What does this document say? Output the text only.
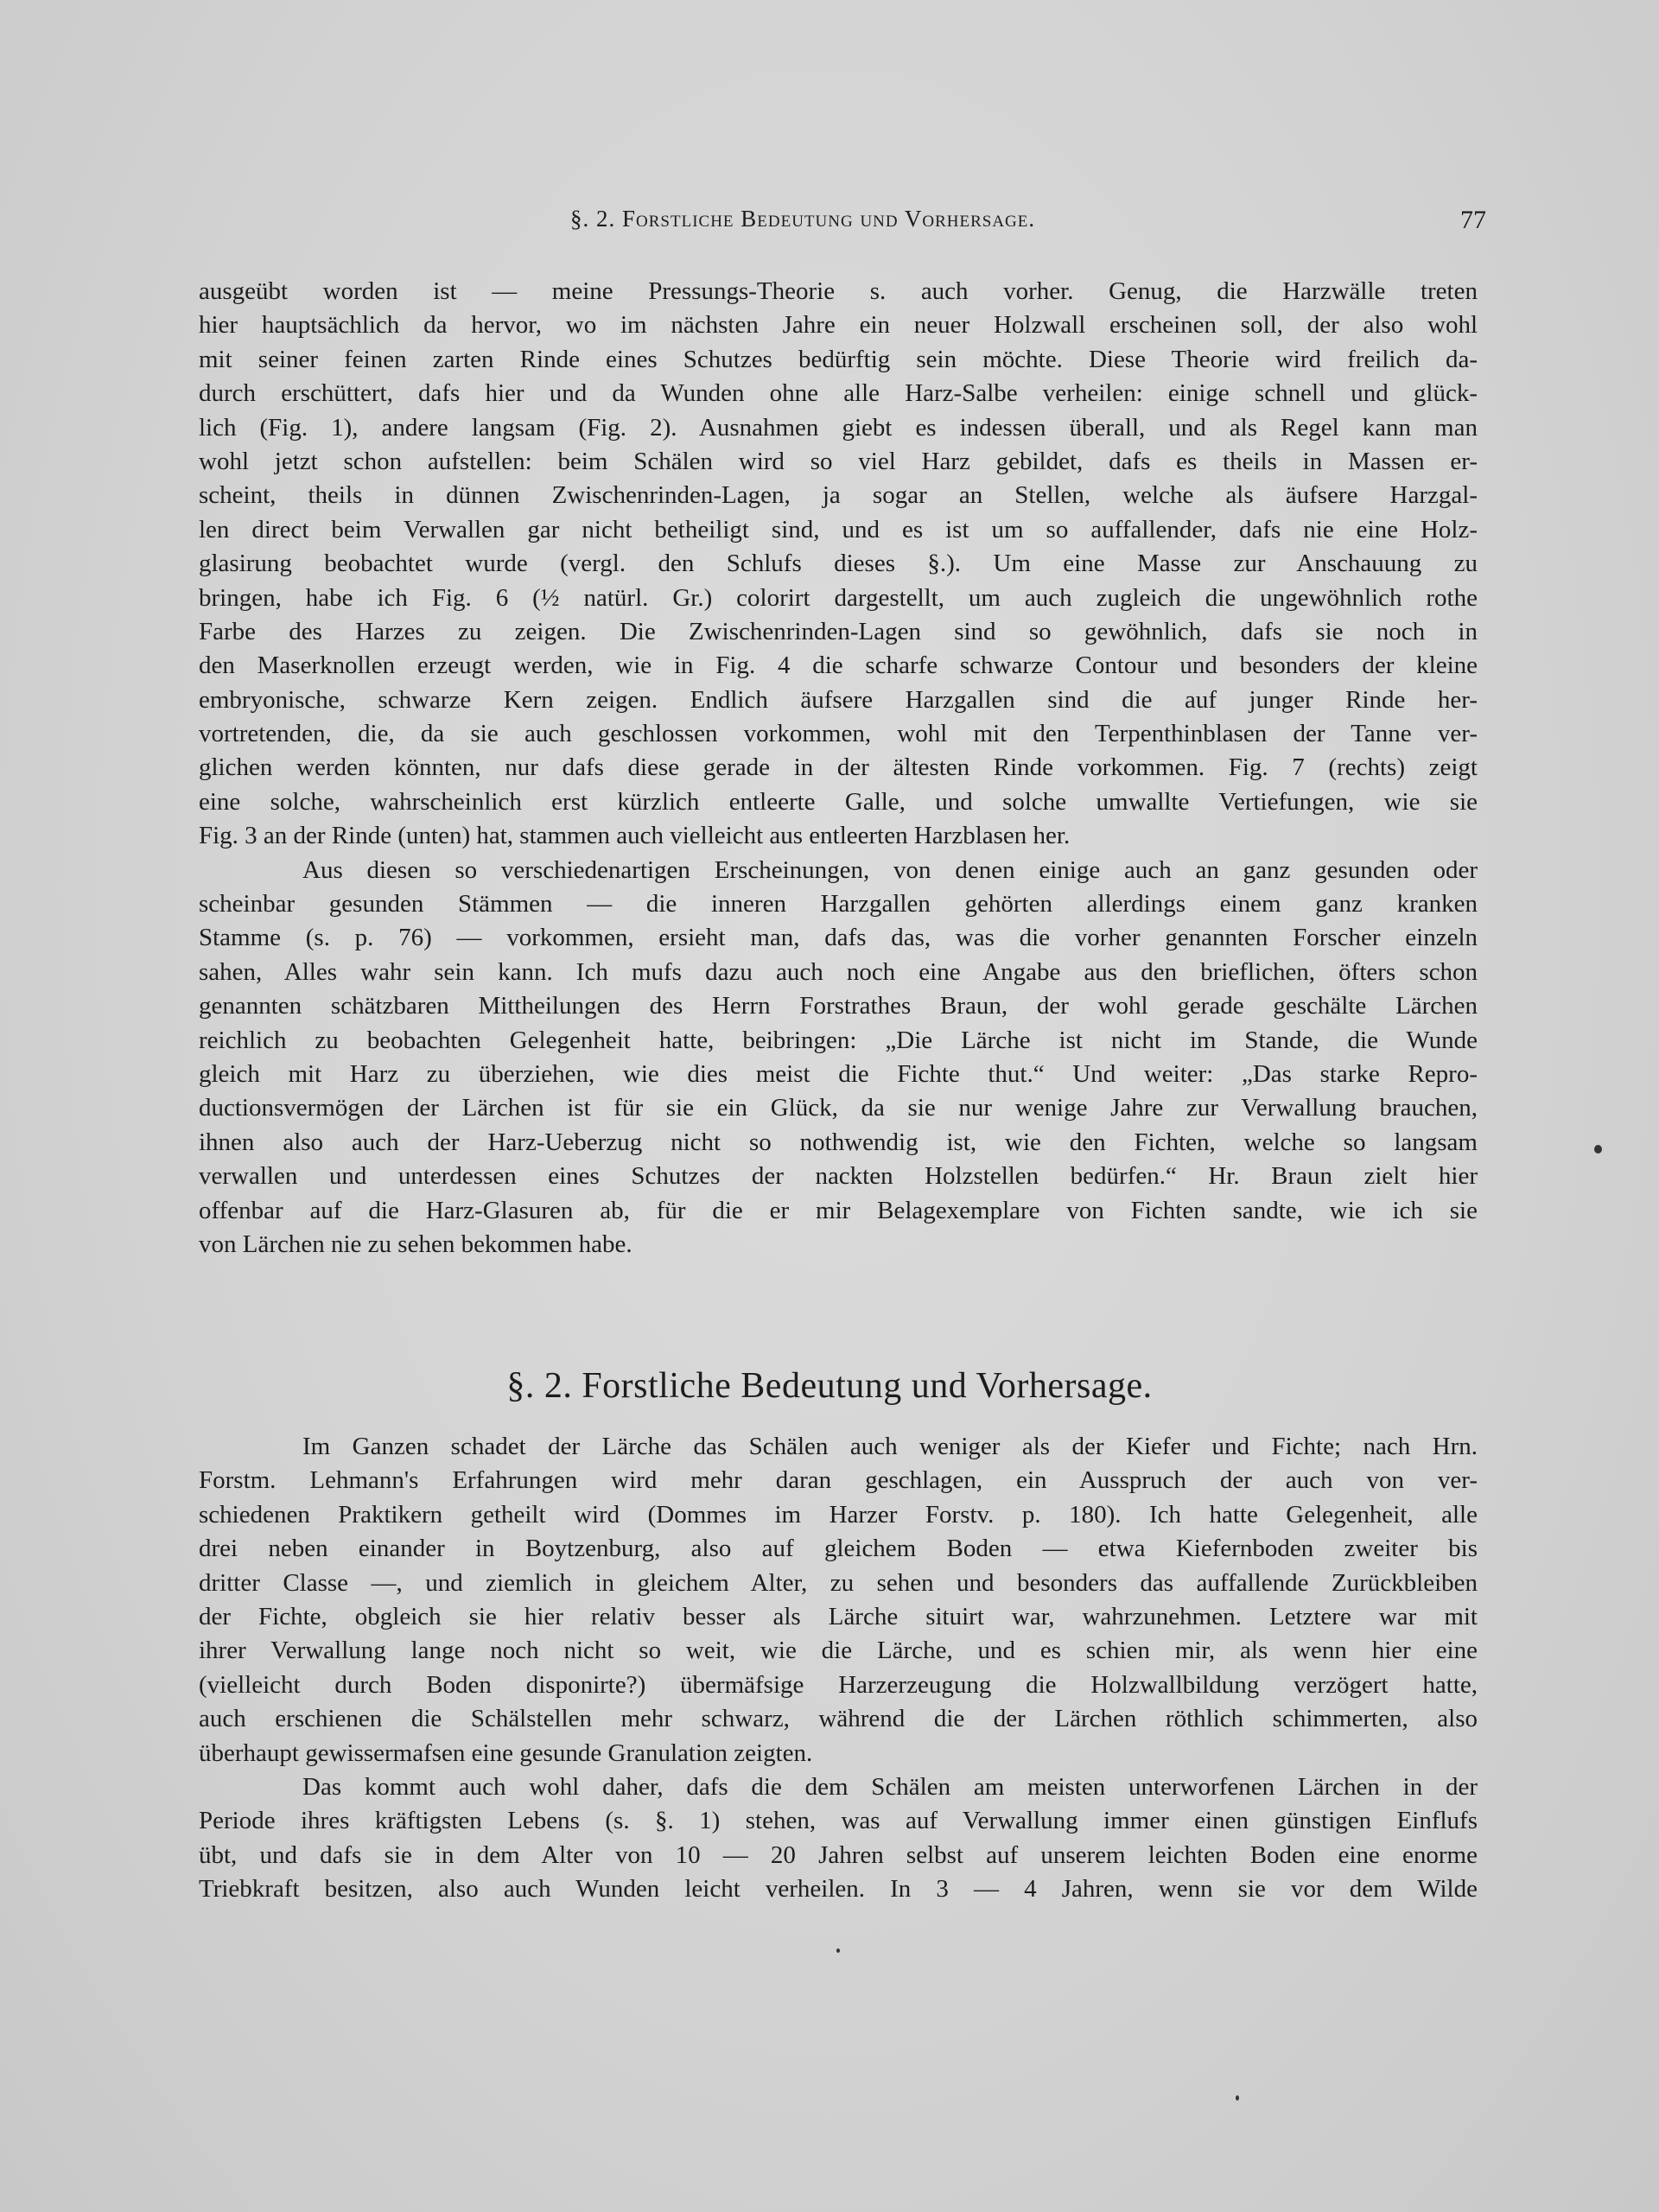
§. 2. Forstliche Bedeutung und Vorhersage.	77
ausgeübt worden ist — meine Pressungs-Theorie s. auch vorher. Genug, die Harzwälle treten
hier hauptsächlich da hervor, wo im nächsten Jahre ein neuer Holzwall erscheinen soll, der also wohl
mit seiner feinen zarten Rinde eines Schutzes bedürftig sein möchte. Diese Theorie wird freilich da-
durch erschüttert, dafs hier und da Wunden ohne alle Harz-Salbe verheilen: einige schnell und glück-
lich (Fig. 1), andere langsam (Fig. 2). Ausnahmen giebt es indessen überall, und als Regel kann man
wohl jetzt schon aufstellen: beim Schälen wird so viel Harz gebildet, dafs es theils in Massen er-
scheint, theils in dünnen Zwischenrinden-Lagen, ja sogar an Stellen, welche als äufsere Harzgal-
len direct beim Verwallen gar nicht betheiligt sind, und es ist um so auffallender, dafs nie eine Holz-
glasirung beobachtet wurde (vergl. den Schlufs dieses §.). Um eine Masse zur Anschauung zu
bringen, habe ich Fig. 6 (½ natürl. Gr.) colorirt dargestellt, um auch zugleich die ungewöhnlich rothe
Farbe des Harzes zu zeigen. Die Zwischenrinden-Lagen sind so gewöhnlich, dafs sie noch in
den Maserknollen erzeugt werden, wie in Fig. 4 die scharfe schwarze Contour und besonders der kleine
embryonische, schwarze Kern zeigen. Endlich äufsere Harzgallen sind die auf junger Rinde her-
vortretenden, die, da sie auch geschlossen vorkommen, wohl mit den Terpenthinblasen der Tanne ver-
glichen werden könnten, nur dafs diese gerade in der ältesten Rinde vorkommen. Fig. 7 (rechts) zeigt
eine solche, wahrscheinlich erst kürzlich entleerte Galle, und solche umwallte Vertiefungen, wie sie
Fig. 3 an der Rinde (unten) hat, stammen auch vielleicht aus entleerten Harzblasen her.
Aus diesen so verschiedenartigen Erscheinungen, von denen einige auch an ganz gesunden oder
scheinbar gesunden Stämmen — die inneren Harzgallen gehörten allerdings einem ganz kranken
Stamme (s. p. 76) — vorkommen, ersieht man, dafs das, was die vorher genannten Forscher einzeln
sahen, Alles wahr sein kann. Ich mufs dazu auch noch eine Angabe aus den brieflichen, öfters schon
genannten schätzbaren Mittheilungen des Herrn Forstrathes Braun, der wohl gerade geschälte Lärchen
reichlich zu beobachten Gelegenheit hatte, beibringen: „Die Lärche ist nicht im Stande, die Wunde
gleich mit Harz zu überziehen, wie dies meist die Fichte thut.“ Und weiter: „Das starke Repro-
ductionsvermögen der Lärchen ist für sie ein Glück, da sie nur wenige Jahre zur Verwallung brauchen,
ihnen also auch der Harz-Ueberzug nicht so nothwendig ist, wie den Fichten, welche so langsam
verwallen und unterdessen eines Schutzes der nackten Holzstellen bedürfen.“ Hr. Braun zielt hier
offenbar auf die Harz-Glasuren ab, für die er mir Belagexemplare von Fichten sandte, wie ich sie
von Lärchen nie zu sehen bekommen habe.
§. 2. Forstliche Bedeutung und Vorhersage.
Im Ganzen schadet der Lärche das Schälen auch weniger als der Kiefer und Fichte; nach Hrn.
Forstm. Lehmann's Erfahrungen wird mehr daran geschlagen, ein Ausspruch der auch von ver-
schiedenen Praktikern getheilt wird (Dommes im Harzer Forstv. p. 180). Ich hatte Gelegenheit, alle
drei neben einander in Boytzenburg, also auf gleichem Boden — etwa Kiefernboden zweiter bis
dritter Classe —, und ziemlich in gleichem Alter, zu sehen und besonders das auffallende Zurückbleiben
der Fichte, obgleich sie hier relativ besser als Lärche situirt war, wahrzunehmen. Letztere war mit
ihrer Verwallung lange noch nicht so weit, wie die Lärche, und es schien mir, als wenn hier eine
(vielleicht durch Boden disponirte?) übermäfsige Harzerzeugung die Holzwallbildung verzögert hatte,
auch erschienen die Schälstellen mehr schwarz, während die der Lärchen röthlich schimmerten, also
überhaupt gewissermafsen eine gesunde Granulation zeigten.
Das kommt auch wohl daher, dafs die dem Schälen am meisten unterworfenen Lärchen in der
Periode ihres kräftigsten Lebens (s. §. 1) stehen, was auf Verwallung immer einen günstigen Einflufs
übt, und dafs sie in dem Alter von 10 — 20 Jahren selbst auf unserem leichten Boden eine enorme
Triebkraft besitzen, also auch Wunden leicht verheilen. In 3 — 4 Jahren, wenn sie vor dem Wilde
